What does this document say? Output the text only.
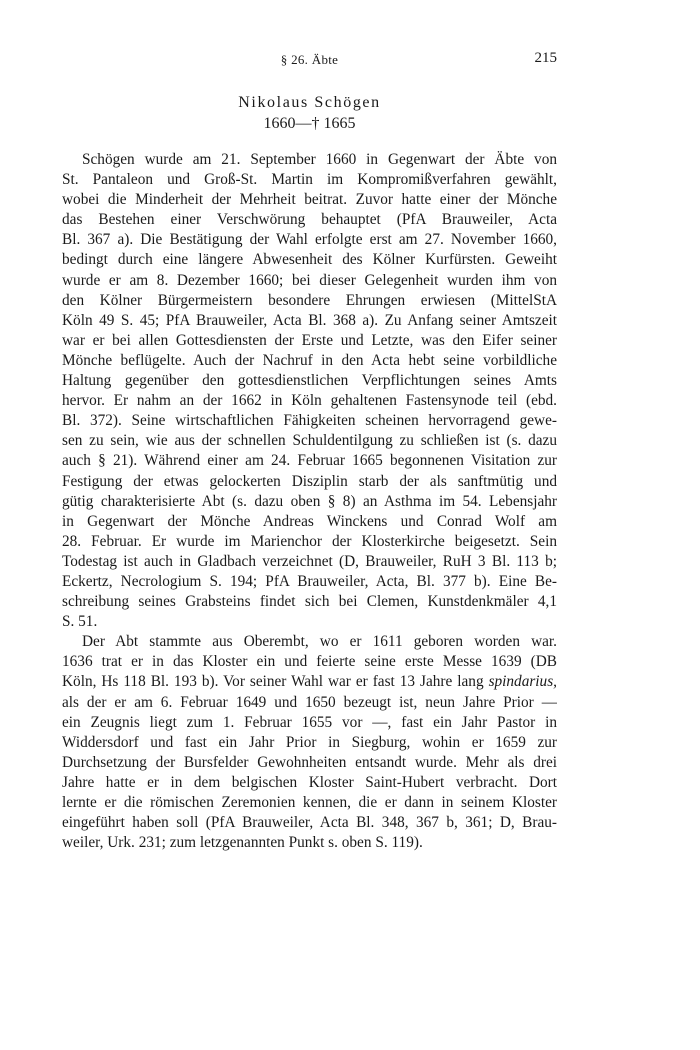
§ 26. Äbte	215
Nikolaus Schögen
1660—† 1665

Schögen wurde am 21. September 1660 in Gegenwart der Äbte von
St. Pantaleon und Groß-St. Martin im Kompromißverfahren gewählt,
wobei die Minderheit der Mehrheit beitrat. Zuvor hatte einer der Mönche
das Bestehen einer Verschwörung behauptet (PfA Brauweiler, Acta
Bl. 367 a). Die Bestätigung der Wahl erfolgte erst am 27. November 1660,
bedingt durch eine längere Abwesenheit des Kölner Kurfürsten. Geweiht
wurde er am 8. Dezember 1660; bei dieser Gelegenheit wurden ihm von
den Kölner Bürgermeistern besondere Ehrungen erwiesen (MittelStA
Köln 49 S. 45; PfA Brauweiler, Acta Bl. 368 a). Zu Anfang seiner Amtszeit
war er bei allen Gottesdiensten der Erste und Letzte, was den Eifer seiner
Mönche beflügelte. Auch der Nachruf in den Acta hebt seine vorbildliche
Haltung gegenüber den gottesdienstlichen Verpflichtungen seines Amts
hervor. Er nahm an der 1662 in Köln gehaltenen Fastensynode teil (ebd.
Bl. 372). Seine wirtschaftlichen Fähigkeiten scheinen hervorragend gewe-
sen zu sein, wie aus der schnellen Schuldentilgung zu schließen ist (s. dazu
auch § 21). Während einer am 24. Februar 1665 begonnenen Visitation zur
Festigung der etwas gelockerten Disziplin starb der als sanftmütig und
gütig charakterisierte Abt (s. dazu oben § 8) an Asthma im 54. Lebensjahr
in Gegenwart der Mönche Andreas Winckens und Conrad Wolf am
28. Februar. Er wurde im Marienchor der Klosterkirche beigesetzt. Sein
Todestag ist auch in Gladbach verzeichnet (D, Brauweiler, RuH 3 Bl. 113 b;
Eckertz, Necrologium S. 194; PfA Brauweiler, Acta, Bl. 377 b). Eine Be-
schreibung seines Grabsteins findet sich bei Clemen, Kunstdenkmäler 4,1
S. 51.

Der Abt stammte aus Oberembt, wo er 1611 geboren worden war.
1636 trat er in das Kloster ein und feierte seine erste Messe 1639 (DB
Köln, Hs 118 Bl. 193 b). Vor seiner Wahl war er fast 13 Jahre lang spindarius,
als der er am 6. Februar 1649 und 1650 bezeugt ist, neun Jahre Prior —
ein Zeugnis liegt zum 1. Februar 1655 vor —, fast ein Jahr Pastor in
Widdersdorf und fast ein Jahr Prior in Siegburg, wohin er 1659 zur
Durchsetzung der Bursfelder Gewohnheiten entsandt wurde. Mehr als drei
Jahre hatte er in dem belgischen Kloster Saint-Hubert verbracht. Dort
lernte er die römischen Zeremonien kennen, die er dann in seinem Kloster
eingeführt haben soll (PfA Brauweiler, Acta Bl. 348, 367 b, 361; D, Brau-
weiler, Urk. 231; zum letzgenannten Punkt s. oben S. 119).
